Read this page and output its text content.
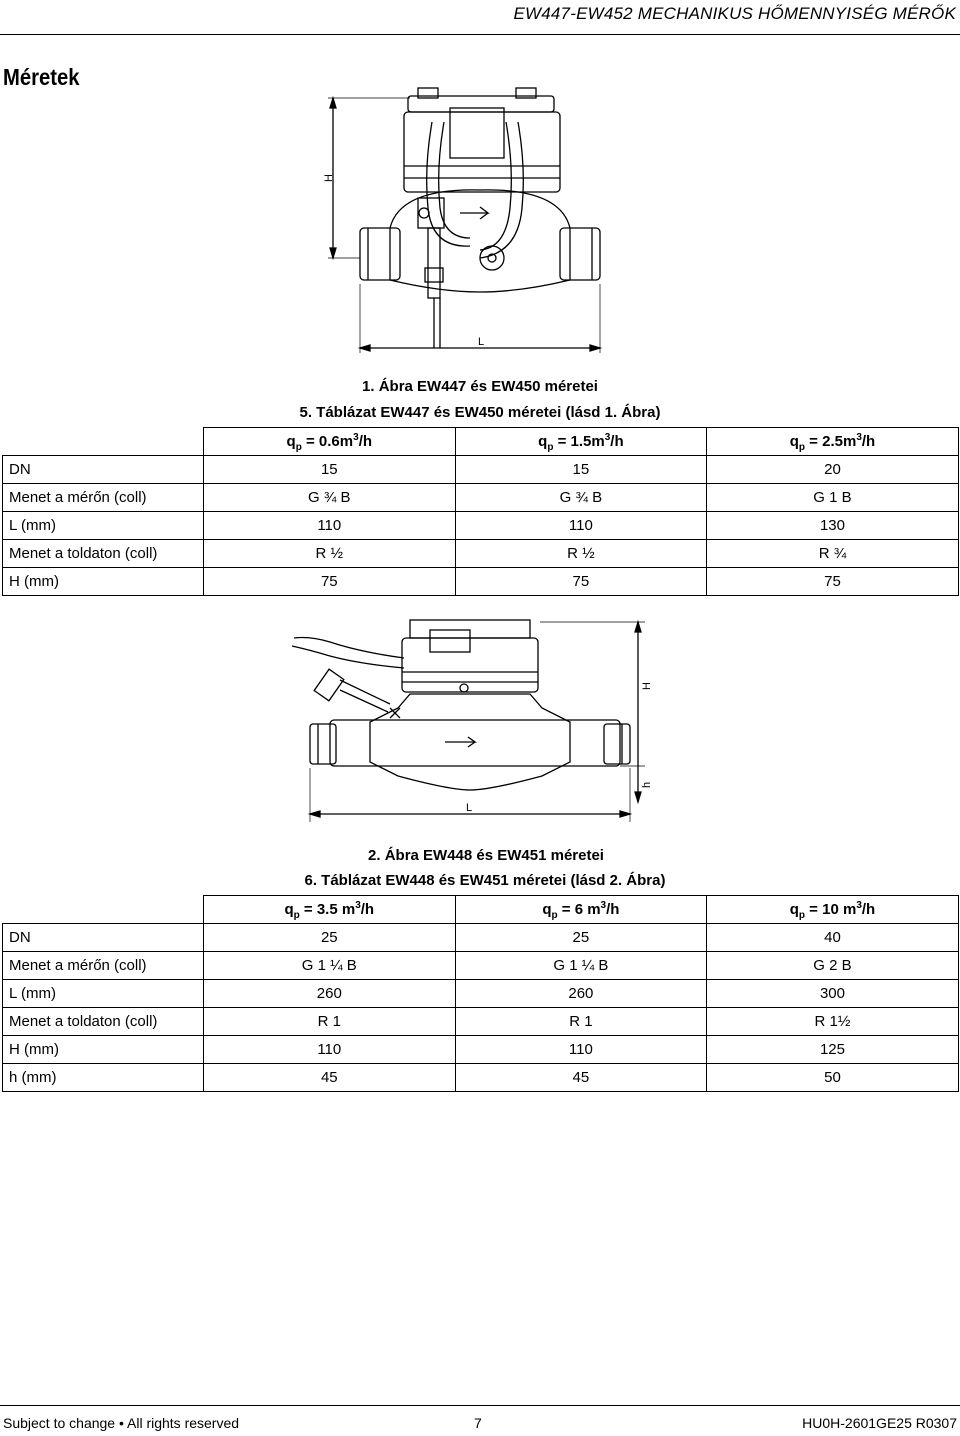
EW447-EW452 MECHANIKUS HŐMENNYISÉG MÉRŐK
Méretek
H
L
1. Ábra EW447 és EW450 méretei
5. Táblázat EW447 és EW450 méretei (lásd 1. Ábra)
	$q_p = 0.6m^3/h$	$q_p = 1.5m^3/h$	$q_p = 2.5m^3/h$
DN	15	15	20
Menet a mérőn (coll)	G ¾ B	G ¾ B	G 1 B
L (mm)	110	110	130
Menet a toldaton (coll)	R ½	R ½	R ¾
H (mm)	75	75	75
H
h
L
2. Ábra EW448 és EW451 méretei
6. Táblázat EW448 és EW451 méretei (lásd 2. Ábra)
	$q_p = 3.5$ $m^3/h$	$q_p = 6$ $m^3/h$	$q_p = 10$ $m^3/h$
DN	25	25	40
Menet a mérőn (coll)	G 1 ¼ B	G 1 ¼ B	G 2 B
L (mm)	260	260	300
Menet a toldaton (coll)	R 1	R 1	R 1½
H (mm)	110	110	125
h (mm)	45	45	50
Subject to change • All rights reserved	7	HU0H-2601GE25 R0307
